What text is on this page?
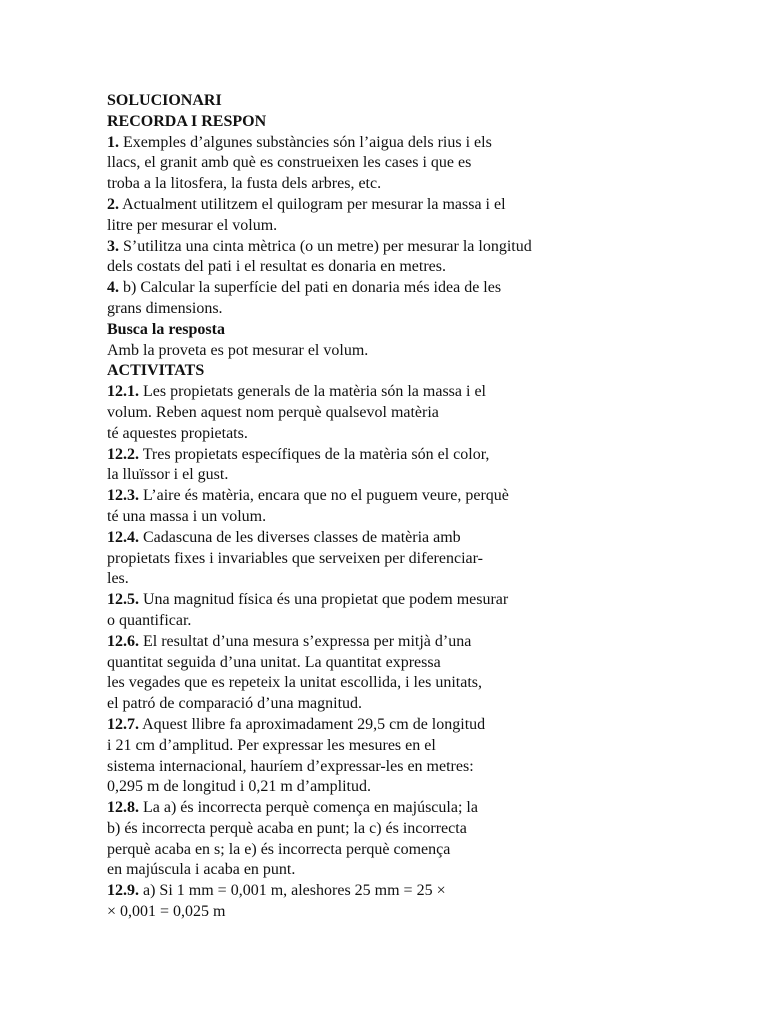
SOLUCIONARI
RECORDA I RESPON
1. Exemples d’algunes substàncies són l’aigua dels rius i els
llacs, el granit amb què es construeixen les cases i que es
troba a la litosfera, la fusta dels arbres, etc.
2. Actualment utilitzem el quilogram per mesurar la massa i el
litre per mesurar el volum.
3. S’utilitza una cinta mètrica (o un metre) per mesurar la longitud
dels costats del pati i el resultat es donaria en metres.
4. b) Calcular la superfície del pati en donaria més idea de les
grans dimensions.
Busca la resposta
Amb la proveta es pot mesurar el volum.
ACTIVITATS
12.1. Les propietats generals de la matèria són la massa i el
volum. Reben aquest nom perquè qualsevol matèria
té aquestes propietats.
12.2. Tres propietats específiques de la matèria són el color,
la lluïssor i el gust.
12.3. L’aire és matèria, encara que no el puguem veure, perquè
té una massa i un volum.
12.4. Cadascuna de les diverses classes de matèria amb
propietats fixes i invariables que serveixen per diferenciar-
les.
12.5. Una magnitud física és una propietat que podem mesurar
o quantificar.
12.6. El resultat d’una mesura s’expressa per mitjà d’una
quantitat seguida d’una unitat. La quantitat expressa
les vegades que es repeteix la unitat escollida, i les unitats,
el patró de comparació d’una magnitud.
12.7. Aquest llibre fa aproximadament 29,5 cm de longitud
i 21 cm d’amplitud. Per expressar les mesures en el
sistema internacional, hauríem d’expressar-les en metres:
0,295 m de longitud i 0,21 m d’amplitud.
12.8. La a) és incorrecta perquè comença en majúscula; la
b) és incorrecta perquè acaba en punt; la c) és incorrecta
perquè acaba en s; la e) és incorrecta perquè comença
en majúscula i acaba en punt.
12.9. a) Si 1 mm = 0,001 m, aleshores 25 mm = 25 ×
× 0,001 = 0,025 m
